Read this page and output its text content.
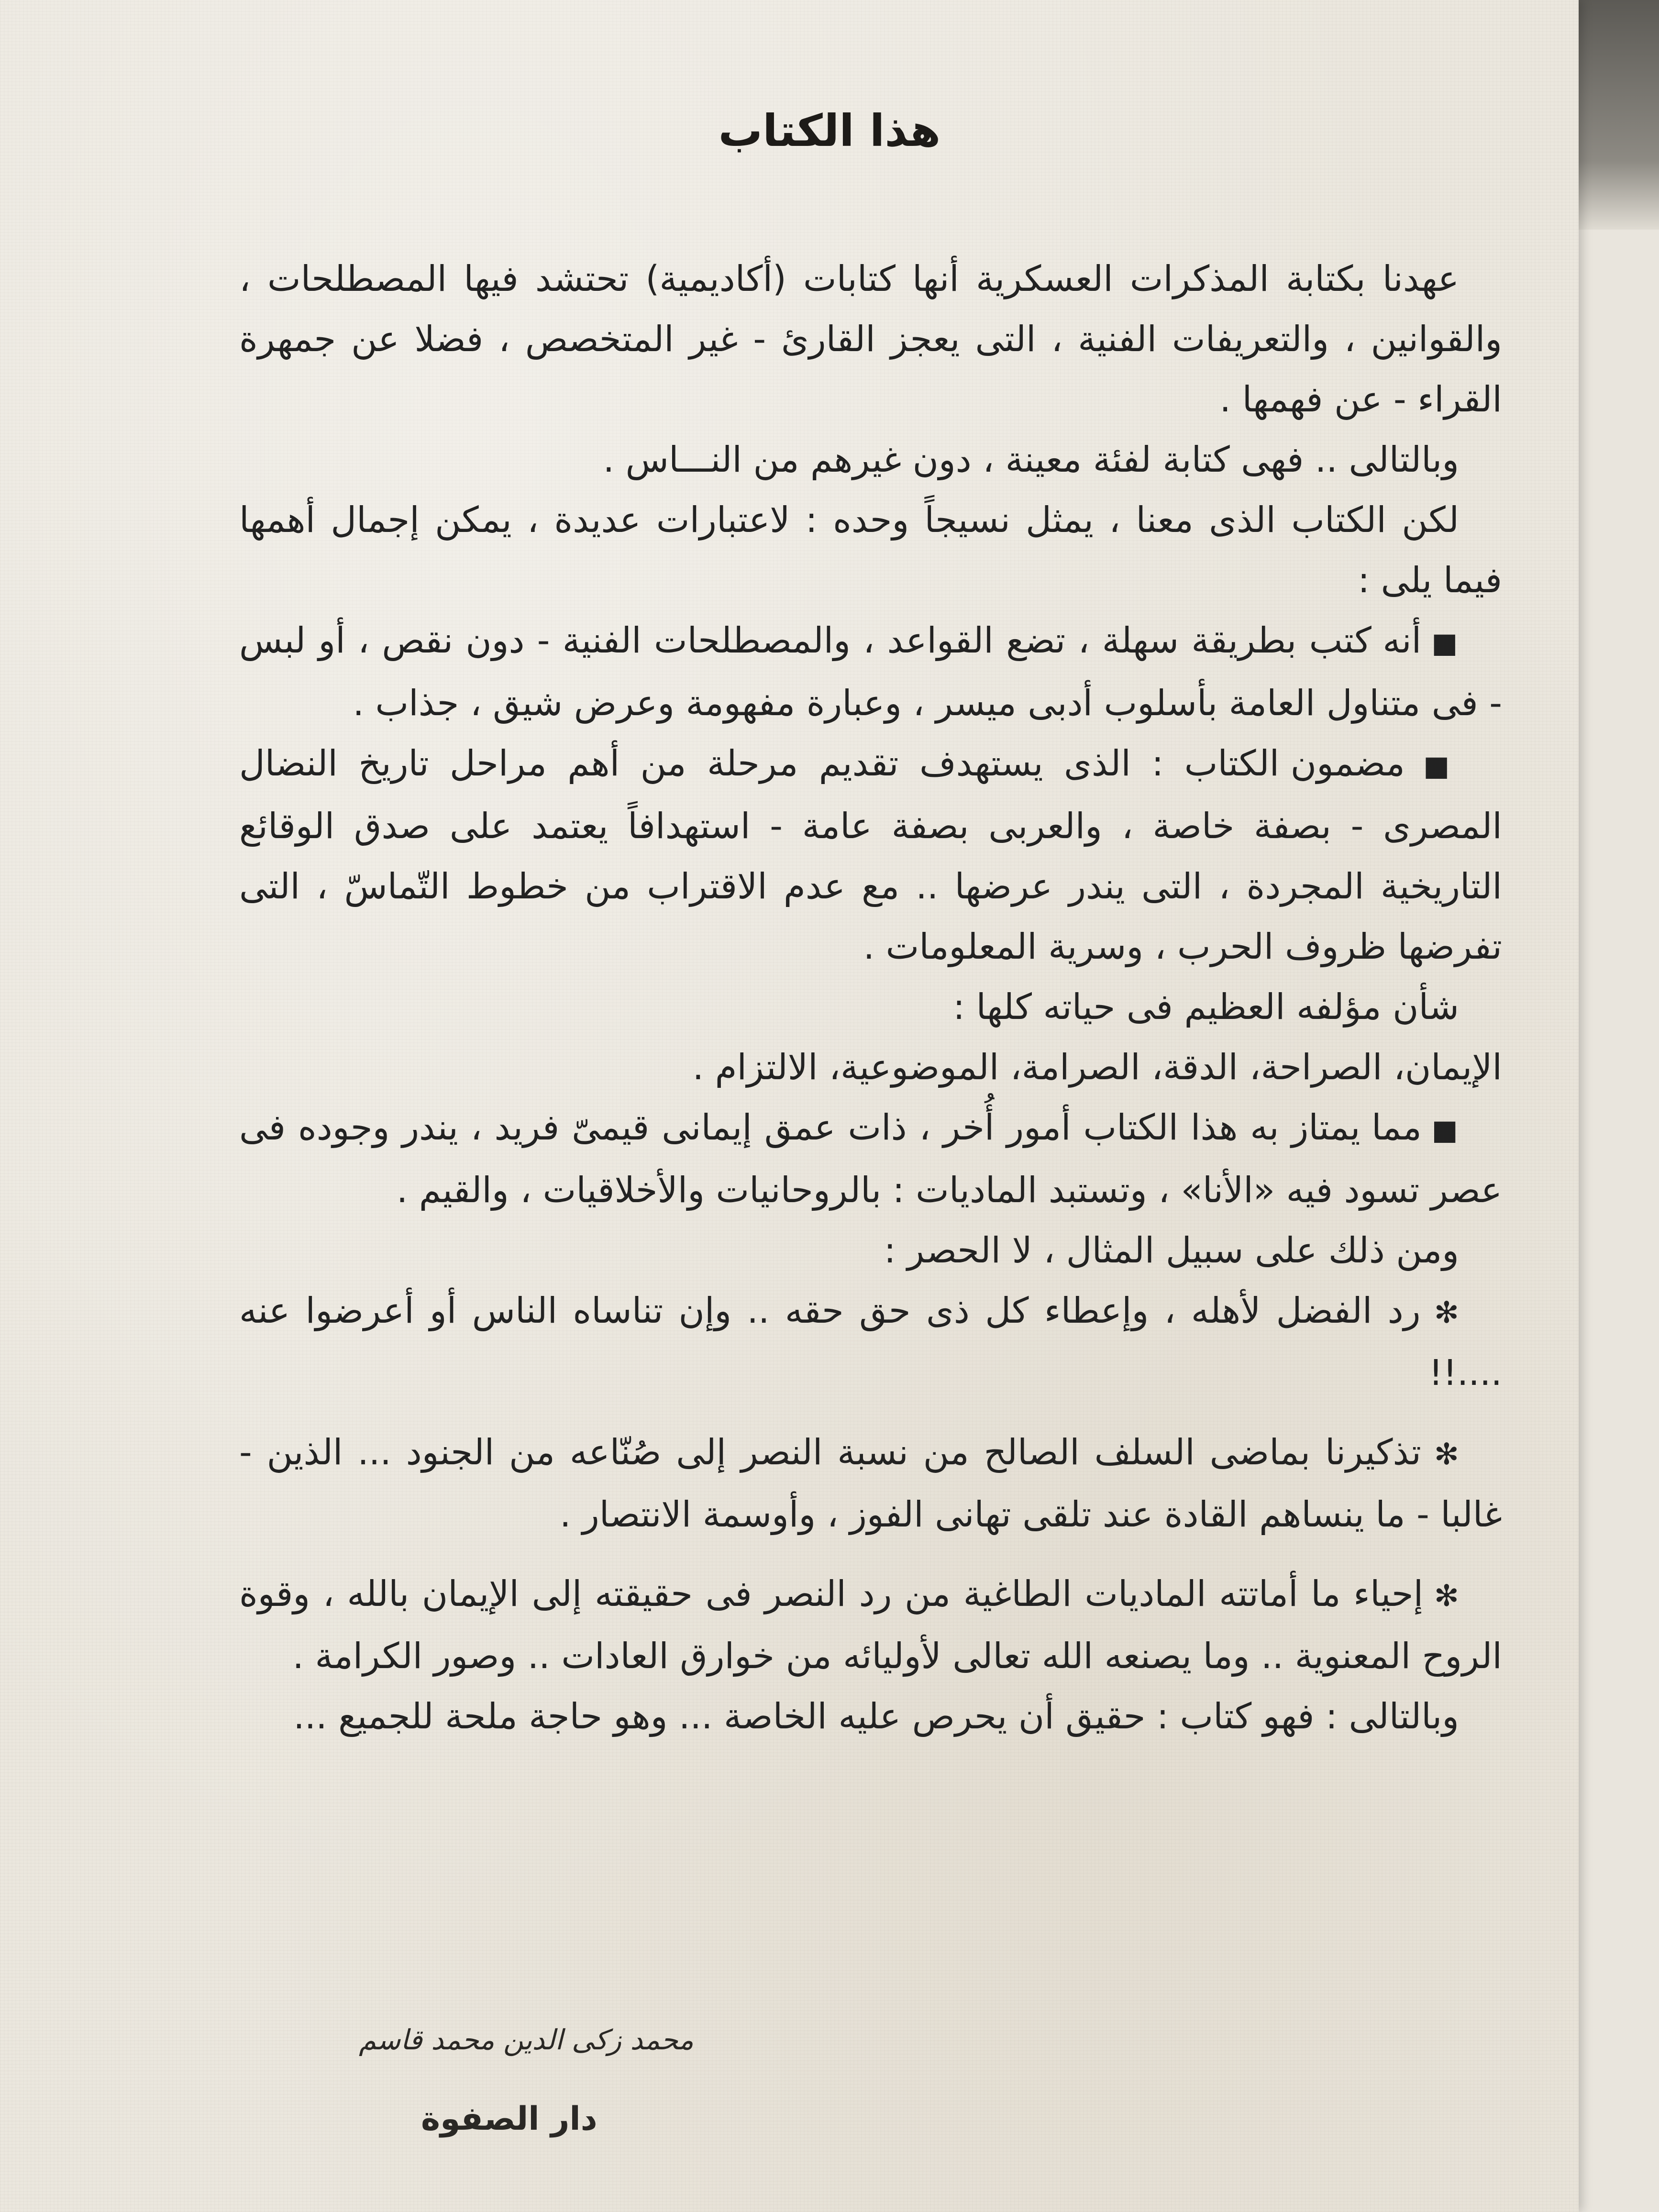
هذا الكتاب

عهدنا بكتابة المذكرات العسكرية أنها كتابات (أكاديمية) تحتشد فيها المصطلحات ، والقوانين ، والتعريفات الفنية ، التى يعجز القارئ - غير المتخصص ، فضلا عن جمهرة القراء - عن فهمها .

وبالتالى .. فهى كتابة لفئة معينة ، دون غيرهم من النـــاس .

لكن الكتاب الذى معنا ، يمثل نسيجاً وحده : لاعتبارات عديدة ، يمكن إجمال أهمها فيما يلى :

■ أنه كتب بطريقة سهلة ، تضع القواعد ، والمصطلحات الفنية - دون نقص ، أو لبس - فى متناول العامة بأسلوب أدبى ميسر ، وعبارة مفهومة وعرض شيق ، جذاب .

■ مضمون الكتاب : الذى يستهدف تقديم مرحلة من أهم مراحل تاريخ النضال المصرى - بصفة خاصة ، والعربى بصفة عامة - استهدافاً يعتمد على صدق الوقائع التاريخية المجردة ، التى يندر عرضها .. مع عدم الاقتراب من خطوط التّماسّ ، التى تفرضها ظروف الحرب ، وسرية المعلومات .

شأن مؤلفه العظيم فى حياته كلها :

الإيمان، الصراحة، الدقة، الصرامة، الموضوعية، الالتزام .

■ مما يمتاز به هذا الكتاب أمور أُخر ، ذات عمق إيمانى قيمىّ فريد ، يندر وجوده فى عصر تسود فيه «الأنا» ، وتستبد الماديات : بالروحانيات والأخلاقيات ، والقيم .

ومن ذلك على سبيل المثال ، لا الحصر :

✻ رد الفضل لأهله ، وإعطاء كل ذى حق حقه .. وإن تناساه الناس أو أعرضوا عنه ....!!

✻ تذكيرنا بماضى السلف الصالح من نسبة النصر إلى صُنّاعه من الجنود ... الذين - غالبا - ما ينساهم القادة عند تلقى تهانى الفوز ، وأوسمة الانتصار .

✻ إحياء ما أماتته الماديات الطاغية من رد النصر فى حقيقته إلى الإيمان بالله ، وقوة الروح المعنوية .. وما يصنعه الله تعالى لأوليائه من خوارق العادات .. وصور الكرامة .

وبالتالى : فهو كتاب : حقيق أن يحرص عليه الخاصة ... وهو حاجة ملحة للجميع ...

محمد زكى الدين محمد قاسم
دار الصفوة
